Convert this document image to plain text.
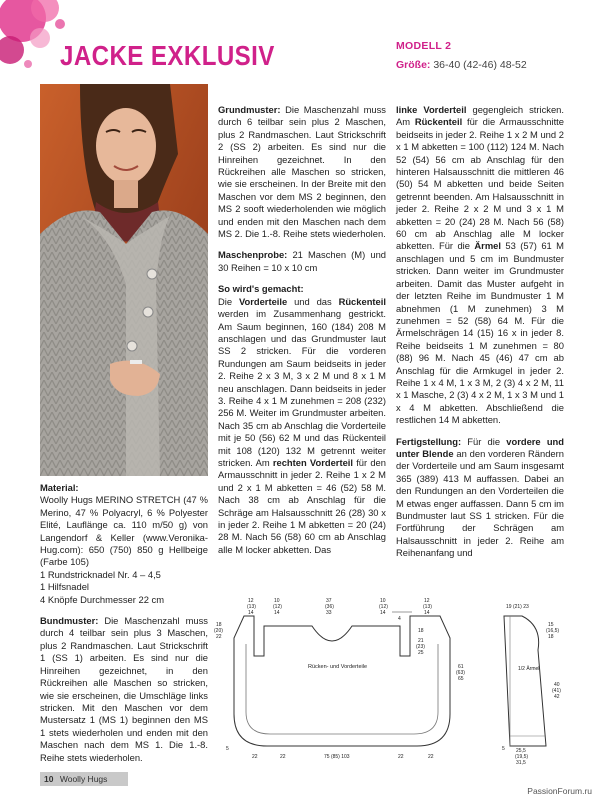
JACKE EXKLUSIV	MODELL 2
Größe: 36-40 (42-46) 48-52

Material:
Woolly Hugs MERINO STRETCH (47 % Merino, 47 % Polyacryl, 6 % Polyester Elité, Lauflänge ca. 110 m/50 g) von Langendorf & Keller (www.Veronika-Hug.com): 650 (750) 850 g Hellbeige (Farbe 105)
1 Rundstricknadel Nr. 4 – 4,5
1 Hilfsnadel
4 Knöpfe Durchmesser 22 cm

Bundmuster: Die Maschenzahl muss durch 4 teilbar sein plus 3 Maschen, plus 2 Randmaschen. Laut Strickschrift 1 (SS 1) arbeiten. Es sind nur die Hinreihen gezeichnet, in den Rückreihen alle Maschen so stricken, wie sie erscheinen, die Umschläge links stricken. Mit den Maschen vor dem Mustersatz 1 (MS 1) beginnen den MS 1 stets wiederholen und enden mit den Maschen nach dem MS 1. Die 1.-8. Reihe stets wiederholen.

Grundmuster: Die Maschenzahl muss durch 6 teilbar sein plus 2 Maschen, plus 2 Randmaschen. Laut Strickschrift 2 (SS 2) arbeiten. Es sind nur die Hinreihen gezeichnet. In den Rückreihen alle Maschen so stricken, wie sie erscheinen. In der Breite mit den Maschen vor dem MS 2 beginnen, den MS 2 sooft wiederholenden wie möglich und enden mit den Maschen nach dem MS 2. Die 1.-8. Reihe stets wiederholen.

Maschenprobe: 21 Maschen (M) und 30 Reihen = 10 x 10 cm

So wird's gemacht:
Die Vorderteile und das Rückenteil werden im Zusammenhang gestrickt. Am Saum beginnen, 160 (184) 208 M anschlagen und das Grundmuster laut SS 2 stricken. Für die vorderen Rundungen am Saum beidseits in jeder 2. Reihe 2 x 3 M, 3 x 2 M und 8 x 1 M neu anschlagen. Dann beidseits in jeder 3. Reihe 4 x 1 M zunehmen = 208 (232) 256 M. Weiter im Grundmuster arbeiten. Nach 35 cm ab Anschlag die Vorderteile mit je 50 (56) 62 M und das Rückenteil mit 108 (120) 132 M getrennt weiter stricken. Am rechten Vorderteil für den Armausschnitt in jeder 2. Reihe 1 x 2 M und 2 x 1 M abketten = 46 (52) 58 M. Nach 38 cm ab Anschlag für die Schräge am Halsausschnitt 26 (28) 30 x in jeder 2. Reihe 1 M abketten = 20 (24) 28 M. Nach 56 (58) 60 cm ab Anschlag alle M locker abketten. Das

linke Vorderteil gegengleich stricken. Am Rückenteil für die Armausschnitte beidseits in jeder 2. Reihe 1 x 2 M und 2 x 1 M abketten = 100 (112) 124 M. Nach 52 (54) 56 cm ab Anschlag für den hinteren Halsausschnitt die mittleren 46 (50) 54 M abketten und beide Seiten getrennt beenden. Am Halsausschnitt in jeder 2. Reihe 2 x 2 M und 3 x 1 M abketten = 20 (24) 28 M. Nach 56 (58) 60 cm ab Anschlag alle M locker abketten. Für die Ärmel 53 (57) 61 M anschlagen und 5 cm im Bundmuster stricken. Dann weiter im Grundmuster arbeiten. Damit das Muster aufgeht in der letzten Reihe im Bundmuster 1 M abnehmen (1 M zunehmen) 3 M zunehmen = 52 (58) 64 M. Für die Ärmelschrägen 14 (15) 16 x in jeder 8. Reihe beidseits 1 M zunehmen = 80 (88) 96 M. Nach 45 (46) 47 cm ab Anschlag für die Armkugel in jeder 2. Reihe 1 x 4 M, 1 x 3 M, 2 (3) 4 x 2 M, 11 x 1 Masche, 2 (3) 4 x 2 M, 1 x 3 M und 1 x 4 M abketten. Abschließend die restlichen 14 M abketten.

Fertigstellung: Für die vordere und unter Blende an den vorderen Rändern der Vorderteile und am Saum insgesamt 365 (389) 413 M auffassen. Dabei an den Rundungen an den Vorderteilen die M etwas enger auffassen. Dann 5 cm im Bundmuster laut SS 1 stricken. Für die Fortführung der Schrägen am Halsausschnitt in jeder 2. Reihe am Reihenanfang und

12
(13)
14
10
(12)
14
37
(36)
33
10
(12)
14
12
(13)
14
4
18
21
(23)
25
18
(20)
22
61
(63)
65
Rücken- und Vorderteile
5
22	22	75 (85) 103	22	22
19 (21) 23
15
(16,5)
18
1/2 Ärmel
40
(41)
42
5 25,5
(19,5)
31,5
10 Woolly Hugs
PassionForum.ru
